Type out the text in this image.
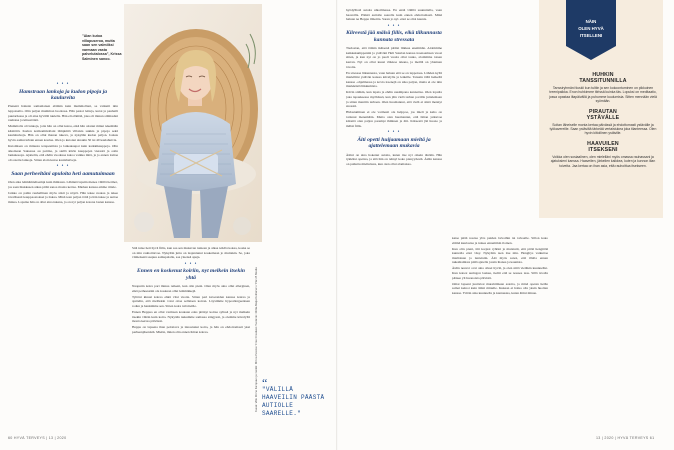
"Alan kutoa villapuseroa, mutta saan sen valmiiksi varmaan vasta palvelutalossa", Krissa Salminen sanoo.
• • •
Hamstraan lankoja ja kudon pipoja ja kaulureita

Pienenä halusin samanlaisen elämän kuin mummollani, se vaikutti niin leppoisalta. Olin paljon mummon luodossa. Hän pastoi lettuja, kutoi ja pauhaili puutarhassa ja oli aina hyvällä tuulella. Hän eli elämää, joka oli minun silmissäni rauhaisa ja kiireetöntä.

Mummolla oli lankoja, joita hän on ollut kutoa, eikä hän ottanut minut tekemään käsitöitä. Kudon kotikammollani lämpimiä villaisia sukkia ja pipoja sekä kaulahuiveja. Hän on ollut ihanan tukeva, ja nykyään kudon paljon. Joskus hyvin aamuvarhain ennen koulua. Olen jo kutonut ainakin 30 tai 40 kaulahuivia.

Kutomisen on minusta terapeuttista ja lankakaupat kuin karkkikauppoja. Olin aikoinaan Saksassa au pairina, ja siellä kävin kauppojen vierestä ja ostin lankakasoja. Ajattelin, että ehdin vuodessa kutoa vaikka mitä, ja jo ennen lomaa oli ostettu lankoja. Sitten aloin kutoa kaulahuiveja.

• • •
Saan perheeltäni apuloita heti aamutuimaan

Olen aika lehmämielisempi kuin ihmisten. Lähinnä lapsiin menee välillä hermot, jos saan hiukkasen aikaa pitää sanoa monta kertaa. Miehen kanssa emme riitele.

Jarkko on pahin ruuhellinen myös siisti ja nöyrä. Hän tekee ruokaa ja tekee tavallisesti kauppaostokset ja tiskaa. Minä teen paljon töitä ja hän tukee ja auttaa minua. Lapsina hän on ollut aina tukena, ja on nyt paljon kotona lasten kanssa.

Sitä tulee heti hyvä fiilis, kun saa sen mukavan tunteen ja alkaa tehdä ruokaa, koska se on niin rauhoittavaa. Nykyään juttu on laajentunut koskemaan jo muitakin. Se, joka viimeisenä saapuu aamupalalle, saa yleensä apuja.

• • •
Ennen en koskenut koiriin, nyt melkein itsekin yhtä

Naapurin koira pari minua retkeni, kun olin pieni. Olen myös aina ollut allerginen, eikä perheessäni ole koskaan ollut lemmikkejä.

Tyttöni kinusi koiraa ehkä viisi vuotta. Sitten pari kavereiden kanssa koiraa ja ajattelin, että meillekin voisi ottaa sellaisen koiran. Löysimme hypoallergeenisen rodun ja hankimme sen. Sitten koira tuli meille.

Ennen Heppua en ollut varmaan koskaan edes pitänyt koiraa sylissä ja nyt melkein itsekin vähän kuin koira. Nykyään nukumme samassa sängyssä, ja olemme kävelyllä monta kertaa päivässä.

Heppu on lapsena ihan pelottava ja innostunut koira, ja hän on ehdottomasti yksi perheenjäsenistä. Mietin, miten olin ennen ilman koiraa.	Kuvat: Ville Rinne Kampaus ja meikki: Minna Pesola / Free Creatives Tuotanto: Riitta-Maija Kotilainen / Plan B Media “
"VÄLILLÄ HAAVEILIN PÄÄSTÄ AUTIOLLE SAARELLE."
60 HYVÄ TERVEYS | 13 | 2020

hyödyllisiä asioita ulkoilmassa. En enää välillä suunnitella, vaan haaveilla. Päästä autiolle saarelle kuin ennen ehdottomasti. Minä haluan ne Heppu ilmoitta. Saren jo nyt. ettei se olisi kaunis.

• • •
Kiireestä jää mälsä fiilis, eikä tilkunnasta kannata stressata

Tiedostan, että tämän ikäisenä pitäisi liikkua enemmän. Aloitimme keikkakumppanini ja ystäväni Heli Sutelan kanssa treenaamaan vuosi sitten, ja kun nyt on jo puoli vuotta ollut tauko, aloitimme toisen kerran. Nyt on ollut kuusi viikkoa takana, ja meillä on yhteinen tavoite.

En stressaa liikunnasta, vaan haluan että se on leppoisaa. Lähden kyllä mielelläni ystävän kanssa kävelylle ja lenkille. Tanssin tällä hetkellä kanssa -ohjelmassa ja kovia treenejä on aika paljon, mutta ei ole niin mielekästä liikkumista.

Kävin sitäkin, kun lapsia ja ehdin uusimpana kannattaa. Olen lopulta joka tapauksessa myöhässä, kun jäin vielä tarhan portilla juttelemaan ja sitten mentiin tarhaan. Olen huomannut, että vielä ei siinä mennyt stressiä.

Hidastuminen ei ole varmasti ole helppoa, jos mieli ja keho on tottunut menemään. Mutta olen huomannut, että ilman jatkuvaa kiirettä olen paljon parempi ihminen ja äiti. Kiireestä jää huono ja mälsä fiilis.

• • •
Äiti opetti huijaamaan mieltä ja ajattelemaan mukavia

Äitini on aina hokenut asioita, kuten itse nyt oikein tänään. Hän tykkäisi opettaa, ja sitä hän on tehnyt koko pienyydestä. Äidin kanssa on puhuttu mielialasta, kun olen ollut alamaissa.

katse pitää nostaa ylös puiden latvoihin tai taivaalle. Sillon koko elämä kuulostaa ja tuleee ennemmin iloinen.

Kun olin pieni, äiti korjasi ryhtini ja muistutti, että pitää hengittää kunnolla ettei väsy. Nykyään teen itse niin. Hengitys vaikuttaa mielialaan ja tunteisiin. Äiti myös sanoi, että illalla ennen nukahtamista pitää ajatella jotain ihanaa ja kaunista.

Äidin neuvot ovat aina olleet hyviä, ja olen niitä vieläkin kuunnellut. Kun katsot auringon laskua, tiedät että se nousee taas. Sillä tavalla pääsee yli huonoista päivistä.

Omat lapseni juuttuvat murehtimaan asioita, ja minä opetan heille samat keinot kuin äitini minulle. Kukaan ei halua olla yksin huolien kanssa. Yritän aina kuunnella ja kannustaa, kuten äitini minua.

NÄIN
OLEN HYVÄ
ITSELLENI
HUHKIN
TANSSITUNNILLA
Tanssiryhmäni tiuskii kun tultiin ja sen kokoontuminen on pikkuinen treenipaikka. Enon huhkimme tiirissä kuinka täs. Lopuksi on meditaatio, jossa opastaa iltapäivällä ja puhumme kuulumisia. Sitten mennään vielä syömään.
PIRAUTAN
YSTÄVÄLLE
Soitan läheiselle monta kertaa päivässä ja ehdottomasti ystävälle ja työkavereille. Saan ystäviltä tärkeää vertaistukea joka tilanteessa. Olen hyvin kiitollinen ystäville.
HAAVUILEN
ITSEKSENI
Voikka olen sosiaalinen, olen mielelläni myös omassa rauhassani ja ajatuksieni kanssa. Haaveilen, järkeilen kaikkea, kuten ja kunnon illan toiveita. Jaa kertaa on ihan asia, että rauhoittua itsekseen.
13 | 2020 | HYVÄ TERVEYS 61
